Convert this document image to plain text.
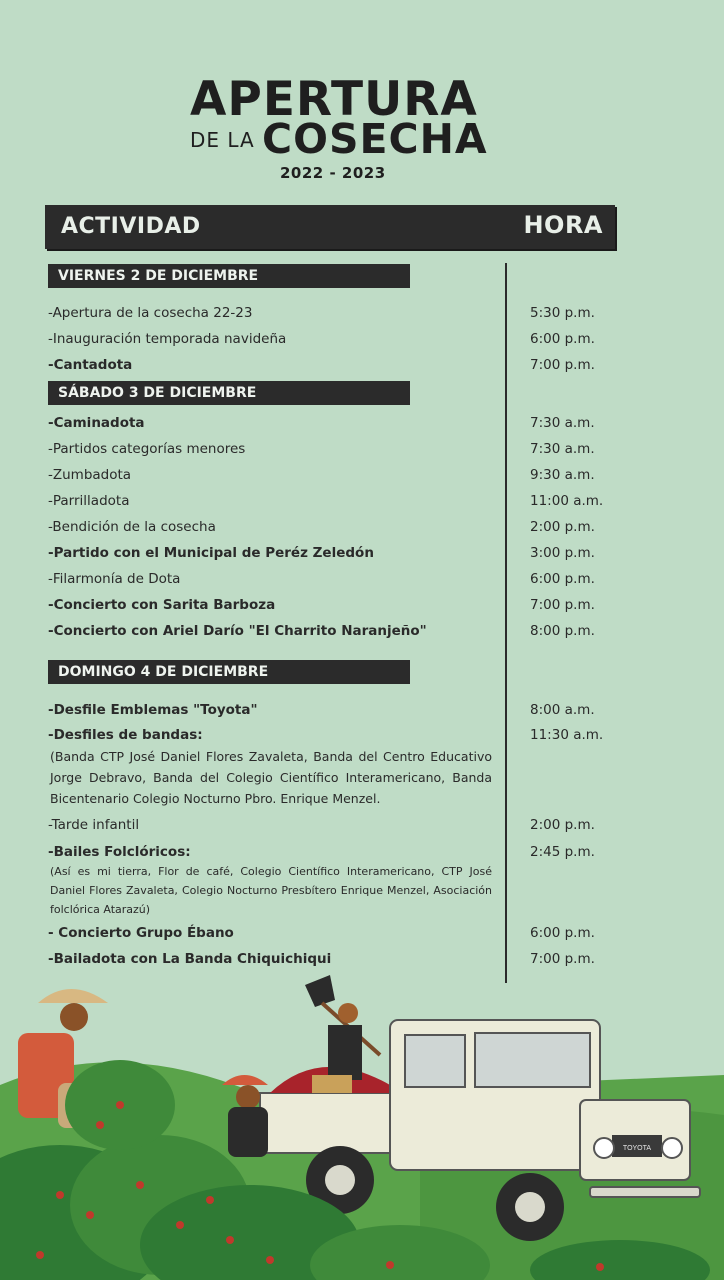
APERTURA
DE LA COSECHA
2022 - 2023
ACTIVIDAD	HORA
VIERNES 2 DE DICIEMBRE
-Apertura de la cosecha 22-23	5:30 p.m.
-Inauguración temporada navideña	6:00 p.m.
-Cantadota	7:00 p.m.
SÁBADO 3 DE DICIEMBRE
-Caminadota	7:30 a.m.
-Partidos categorías menores	7:30 a.m.
-Zumbadota	9:30 a.m.
-Parrilladota	11:00 a.m.
-Bendición de la cosecha	2:00 p.m.
-Partido con el Municipal de Peréz Zeledón	3:00 p.m.
-Filarmonía de Dota	6:00 p.m.
-Concierto con Sarita Barboza	7:00 p.m.
-Concierto con Ariel Darío "El Charrito Naranjeño"	8:00 p.m.
DOMINGO 4 DE DICIEMBRE
-Desfile Emblemas "Toyota"	8:00 a.m.
-Desfiles de bandas:	11:30 a.m.
(Banda CTP José Daniel Flores Zavaleta, Banda del Centro Educativo Jorge Debravo, Banda del Colegio Científico Interamericano, Banda Bicentenario Colegio Nocturno Pbro. Enrique Menzel.
-Tarde infantil	2:00 p.m.
-Bailes Folclóricos:	2:45 p.m.
(Así es mi tierra, Flor de café, Colegio Científico Interamericano, CTP José Daniel Flores Zavaleta, Colegio Nocturno Presbítero Enrique Menzel, Asociación folclórica Atarazú)
- Concierto Grupo Ébano	6:00 p.m.
-Bailadota con La Banda Chiquichiqui	7:00 p.m.
TOYOTA
